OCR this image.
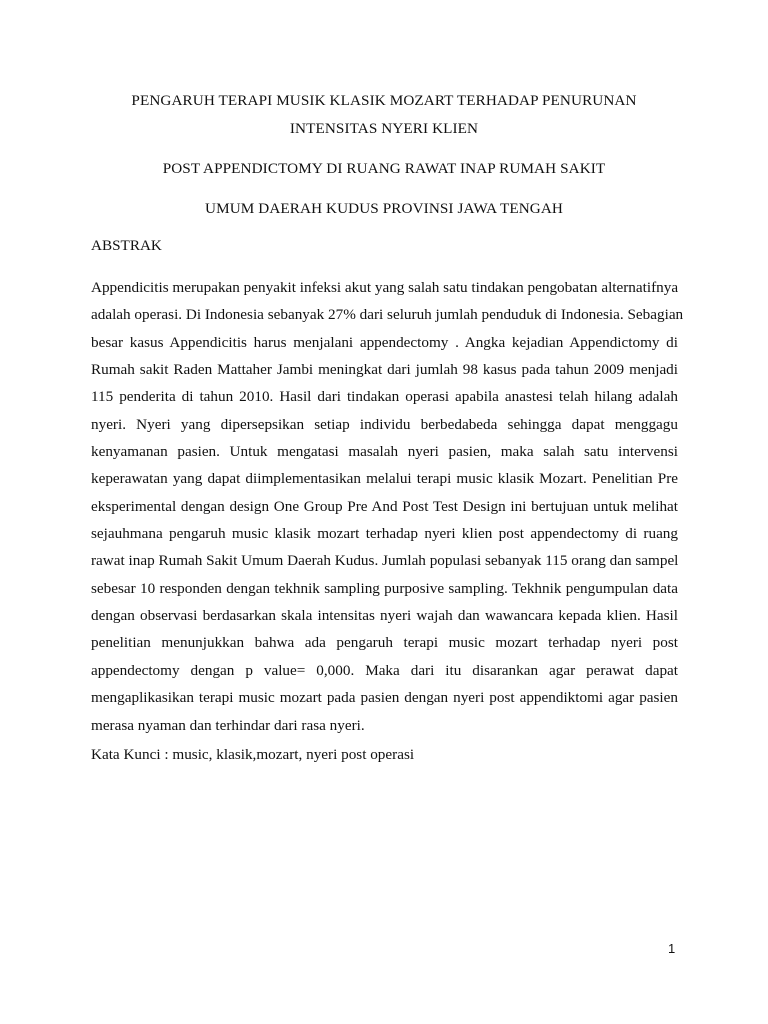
PENGARUH TERAPI MUSIK KLASIK MOZART TERHADAP PENURUNAN
INTENSITAS NYERI KLIEN
POST APPENDICTOMY DI RUANG RAWAT INAP RUMAH SAKIT
UMUM DAERAH KUDUS PROVINSI JAWA TENGAH
ABSTRAK
Appendicitis merupakan penyakit infeksi akut yang salah satu tindakan pengobatan alternatifnya
adalah operasi. Di Indonesia sebanyak 27% dari seluruh jumlah penduduk di Indonesia. Sebagian
besar kasus Appendicitis harus menjalani appendectomy . Angka kejadian Appendictomy di
Rumah sakit Raden Mattaher Jambi meningkat dari jumlah 98 kasus pada tahun 2009 menjadi
115 penderita di tahun 2010. Hasil dari tindakan operasi apabila anastesi telah hilang adalah
nyeri. Nyeri yang dipersepsikan setiap individu berbedabeda sehingga dapat menggagu
kenyamanan pasien. Untuk mengatasi masalah nyeri pasien, maka salah satu intervensi
keperawatan yang dapat diimplementasikan melalui terapi music klasik Mozart. Penelitian Pre
eksperimental dengan design One Group Pre And Post Test Design ini bertujuan untuk melihat
sejauhmana pengaruh music klasik mozart terhadap nyeri klien post appendectomy di ruang
rawat inap Rumah Sakit Umum Daerah Kudus. Jumlah populasi sebanyak 115 orang dan sampel
sebesar 10 responden dengan tekhnik sampling purposive sampling. Tekhnik pengumpulan data
dengan observasi berdasarkan skala intensitas nyeri wajah dan wawancara kepada klien. Hasil
penelitian menunjukkan bahwa ada pengaruh terapi music mozart terhadap nyeri post
appendectomy dengan p value= 0,000. Maka dari itu disarankan agar perawat dapat
mengaplikasikan terapi music mozart pada pasien dengan nyeri post appendiktomi agar pasien
merasa nyaman dan terhindar dari rasa nyeri.
Kata Kunci : music, klasik,mozart, nyeri post operasi
1
